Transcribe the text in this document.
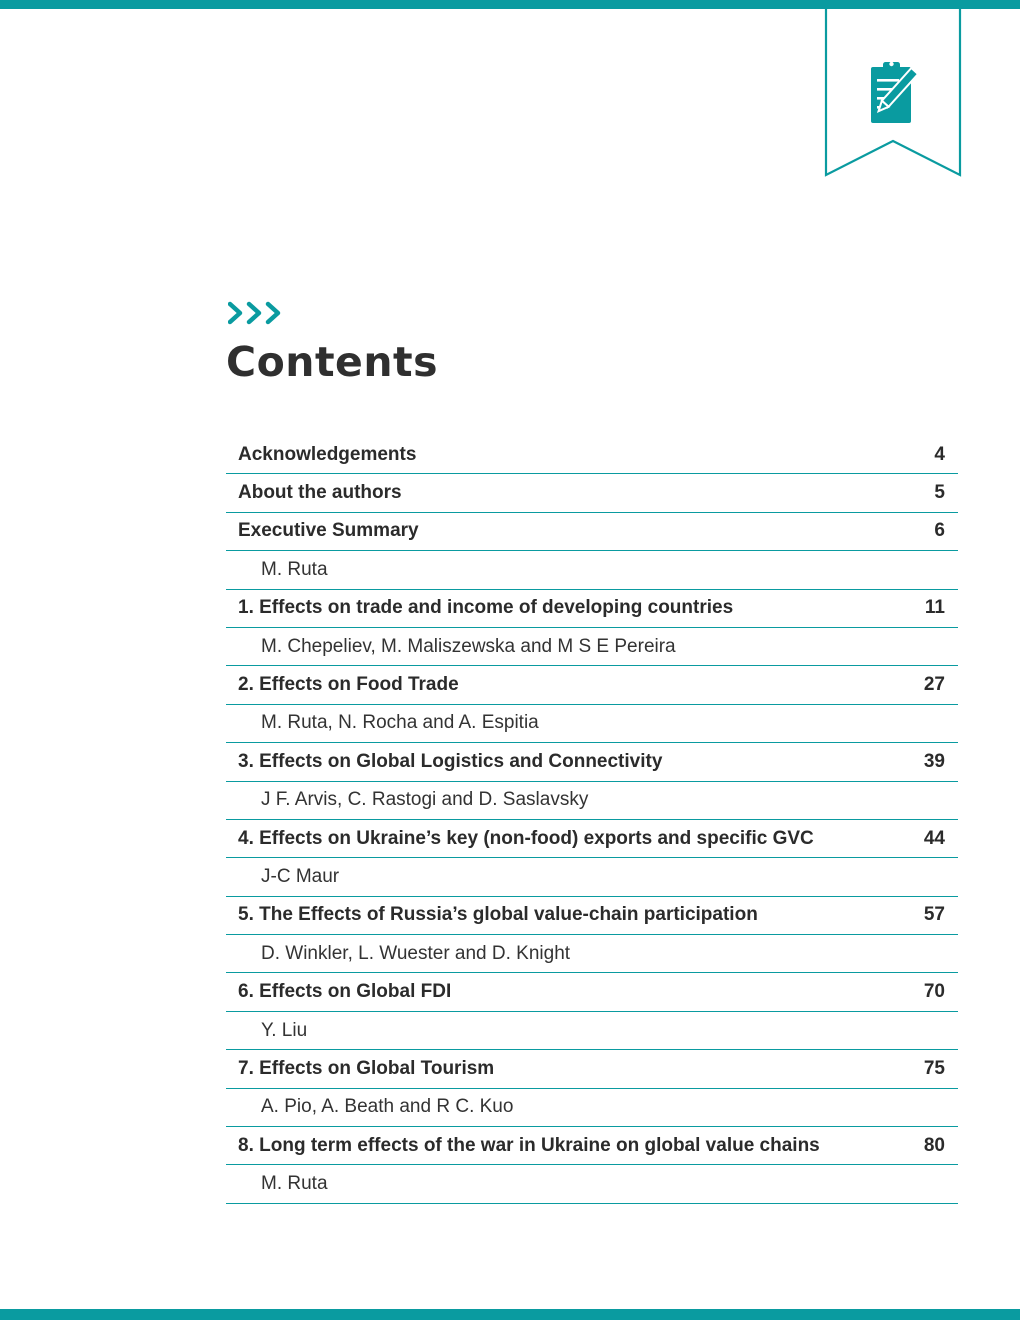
Contents
Acknowledgements	4
About the authors	5
Executive Summary	6
M. Ruta
1. Effects on trade and income of developing countries	11
M. Chepeliev, M. Maliszewska and M S E Pereira
2. Effects on Food Trade	27
M. Ruta, N. Rocha and A. Espitia
3. Effects on Global Logistics and Connectivity	39
J F. Arvis, C. Rastogi and D. Saslavsky
4. Effects on Ukraine’s key (non-food) exports and specific GVC	44
J-C Maur
5. The Effects of Russia’s global value-chain participation	57
D. Winkler, L. Wuester and D. Knight
6. Effects on Global FDI	70
Y. Liu
7. Effects on Global Tourism	75
A. Pio, A. Beath and R C. Kuo
8. Long term effects of the war in Ukraine on global value chains	80
M. Ruta
